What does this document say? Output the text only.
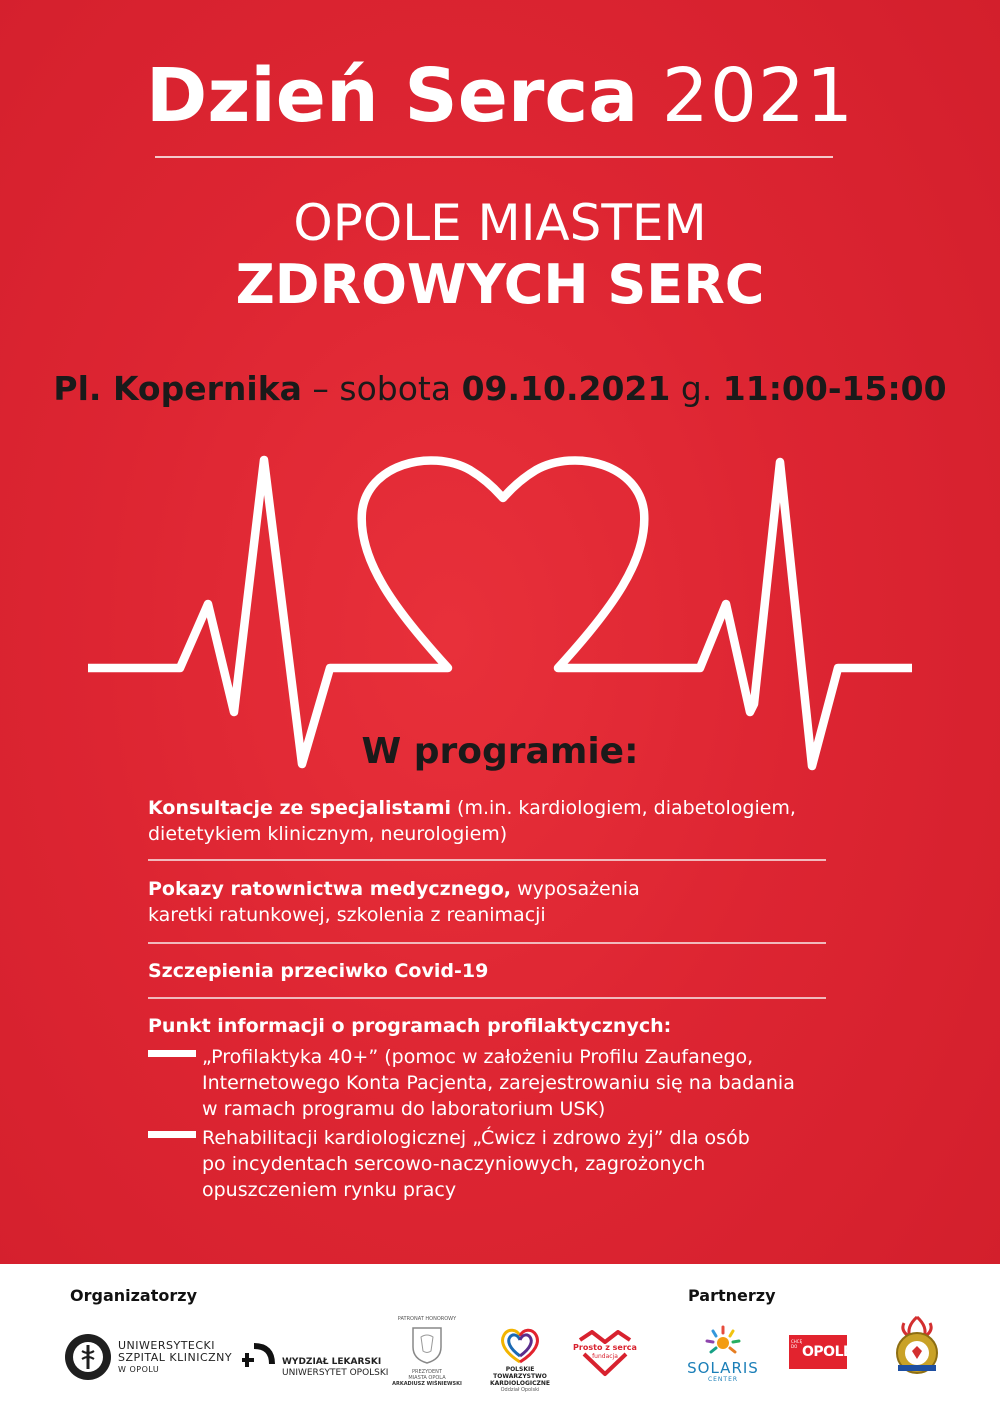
Dzień Serca 2021
OPOLE MIASTEM
ZDROWYCH SERC
Pl. Kopernika – sobota 09.10.2021 g. 11:00-15:00
W programie:
Konsultacje ze specjalistami (m.in. kardiologiem, diabetologiem,
dietetykiem klinicznym, neurologiem)
Pokazy ratownictwa medycznego, wyposażenia
karetki ratunkowej, szkolenia z reanimacji
Szczepienia przeciwko Covid-19
Punkt informacji o programach profilaktycznych:
„Profilaktyka 40+” (pomoc w założeniu Profilu Zaufanego,
Internetowego Konta Pacjenta, zarejestrowaniu się na badania
w ramach programu do laboratorium USK)
Rehabilitacji kardiologicznej „Ćwicz i zdrowo żyj” dla osób
po incydentach sercowo-naczyniowych, zagrożonych
opuszczeniem rynku pracy
Organizatorzy	Partnerzy
UNIWERSYTECKI
SZPITAL KLINICZNY
W OPOLU
WYDZIAŁ LEKARSKI
UNIWERSYTET OPOLSKI
PATRONAT HONOROWY
PREZYDENT
MIASTA OPOLA
ARKADIUSZ WIŚNIEWSKI
POLSKIE
TOWARZYSTWO
KARDIOLOGICZNE
Oddział Opolski
Prosto z serca
fundacja
SOLARIS
CENTER
CHCĘ DO OPOLE
